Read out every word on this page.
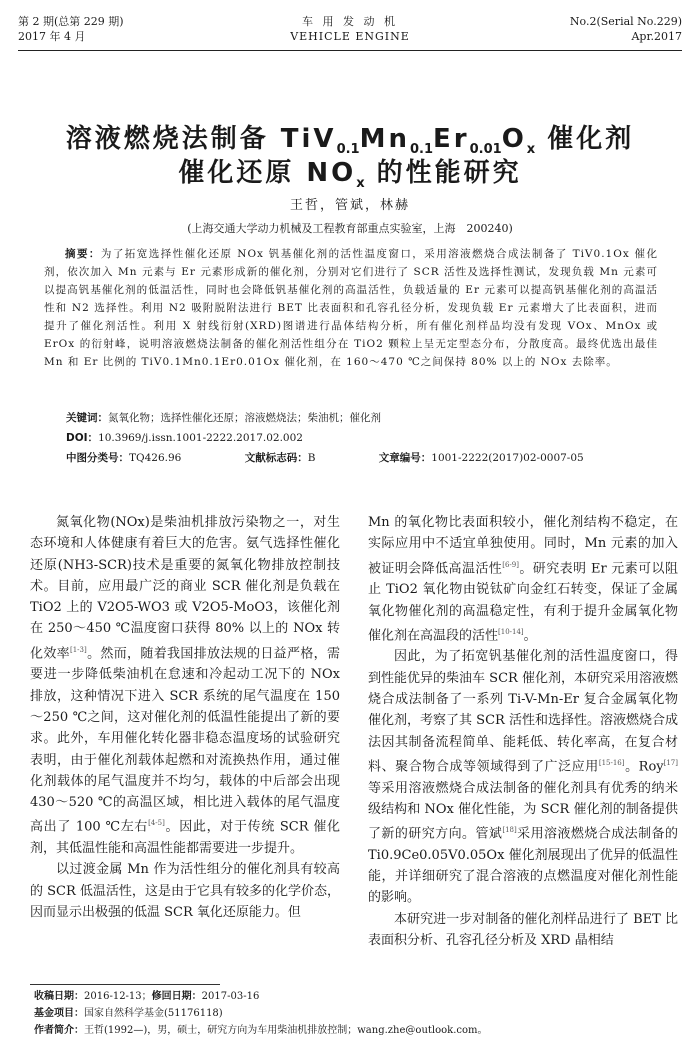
第 2 期(总第 229 期)
2017 年 4 月
车 用 发 动 机
VEHICLE ENGINE
No.2(Serial No.229)
Apr.2017
溶液燃烧法制备 $TiV_{0.1}Mn_{0.1}Er_{0.01}O_x$ 催化剂
催化还原 $NO_x$ 的性能研究
王哲，管斌，林赫
(上海交通大学动力机械及工程教育部重点实验室，上海　200240)
摘要：为了拓宽选择性催化还原 NOx 钒基催化剂的活性温度窗口，采用溶液燃烧合成法制备了 TiV0.1Ox 催化剂，依次加入 Mn 元素与 Er 元素形成新的催化剂，分别对它们进行了 SCR 活性及选择性测试，发现负载 Mn 元素可以提高钒基催化剂的低温活性，同时也会降低钒基催化剂的高温活性，负载适量的 Er 元素可以提高钒基催化剂的高温活性和 N2 选择性。利用 N2 吸附脱附法进行 BET 比表面积和孔容孔径分析，发现负载 Er 元素增大了比表面积，进而提升了催化剂活性。利用 X 射线衍射(XRD)图谱进行晶体结构分析，所有催化剂样品均没有发现 VOx、MnOx 或 ErOx 的衍射峰，说明溶液燃烧法制备的催化剂活性组分在 TiO2 颗粒上呈无定型态分布，分散度高。最终优选出最佳 Mn 和 Er 比例的 TiV0.1Mn0.1Er0.01Ox 催化剂，在 160～470 ℃之间保持 80% 以上的 NOx 去除率。
关键词：氮氧化物；选择性催化还原；溶液燃烧法；柴油机；催化剂
DOI：10.3969/j.issn.1001-2222.2017.02.002
中图分类号：TQ426.96	文献标志码：B	文章编号：1001-2222(2017)02-0007-05

氮氧化物(NOx)是柴油机排放污染物之一，对生态环境和人体健康有着巨大的危害。氨气选择性催化还原(NH3-SCR)技术是重要的氮氧化物排放控制技术。目前，应用最广泛的商业 SCR 催化剂是负载在 TiO2 上的 V2O5-WO3 或 V2O5-MoO3，该催化剂在 250～450 ℃温度窗口获得 80% 以上的 NOx 转化效率[1-3]。然而，随着我国排放法规的日益严格，需要进一步降低柴油机在怠速和冷起动工况下的 NOx 排放，这种情况下进入 SCR 系统的尾气温度在 150～250 ℃之间，这对催化剂的低温性能提出了新的要求。此外，车用催化转化器非稳态温度场的试验研究表明，由于催化剂载体起燃和对流换热作用，通过催化剂载体的尾气温度并不均匀，载体的中后部会出现 430～520 ℃的高温区域，相比进入载体的尾气温度高出了 100 ℃左右[4-5]。因此，对于传统 SCR 催化剂，其低温性能和高温性能都需要进一步提升。

以过渡金属 Mn 作为活性组分的催化剂具有较高的 SCR 低温活性，这是由于它具有较多的化学价态，因而显示出极强的低温 SCR 氧化还原能力。但

Mn 的氧化物比表面积较小，催化剂结构不稳定，在实际应用中不适宜单独使用。同时，Mn 元素的加入被证明会降低高温活性[6-9]。研究表明 Er 元素可以阻止 TiO2 氧化物由锐钛矿向金红石转变，保证了金属氧化物催化剂的高温稳定性，有利于提升金属氧化物催化剂在高温段的活性[10-14]。

因此，为了拓宽钒基催化剂的活性温度窗口，得到性能优异的柴油车 SCR 催化剂，本研究采用溶液燃烧合成法制备了一系列 Ti-V-Mn-Er 复合金属氧化物催化剂，考察了其 SCR 活性和选择性。溶液燃烧合成法因其制备流程简单、能耗低、转化率高，在复合材料、聚合物合成等领域得到了广泛应用[15-16]。Roy[17]等采用溶液燃烧合成法制备的催化剂具有优秀的纳米级结构和 NOx 催化性能，为 SCR 催化剂的制备提供了新的研究方向。管斌[18]采用溶液燃烧合成法制备的 Ti0.9Ce0.05V0.05Ox 催化剂展现出了优异的低温性能，并详细研究了混合溶液的点燃温度对催化剂性能的影响。

本研究进一步对制备的催化剂样品进行了 BET 比表面积分析、孔容孔径分析及 XRD 晶相结

收稿日期：2016-12-13；修回日期：2017-03-16
基金项目：国家自然科学基金(51176118)
作者简介：王哲(1992—)，男，硕士，研究方向为车用柴油机排放控制；wang.zhe@outlook.com。
